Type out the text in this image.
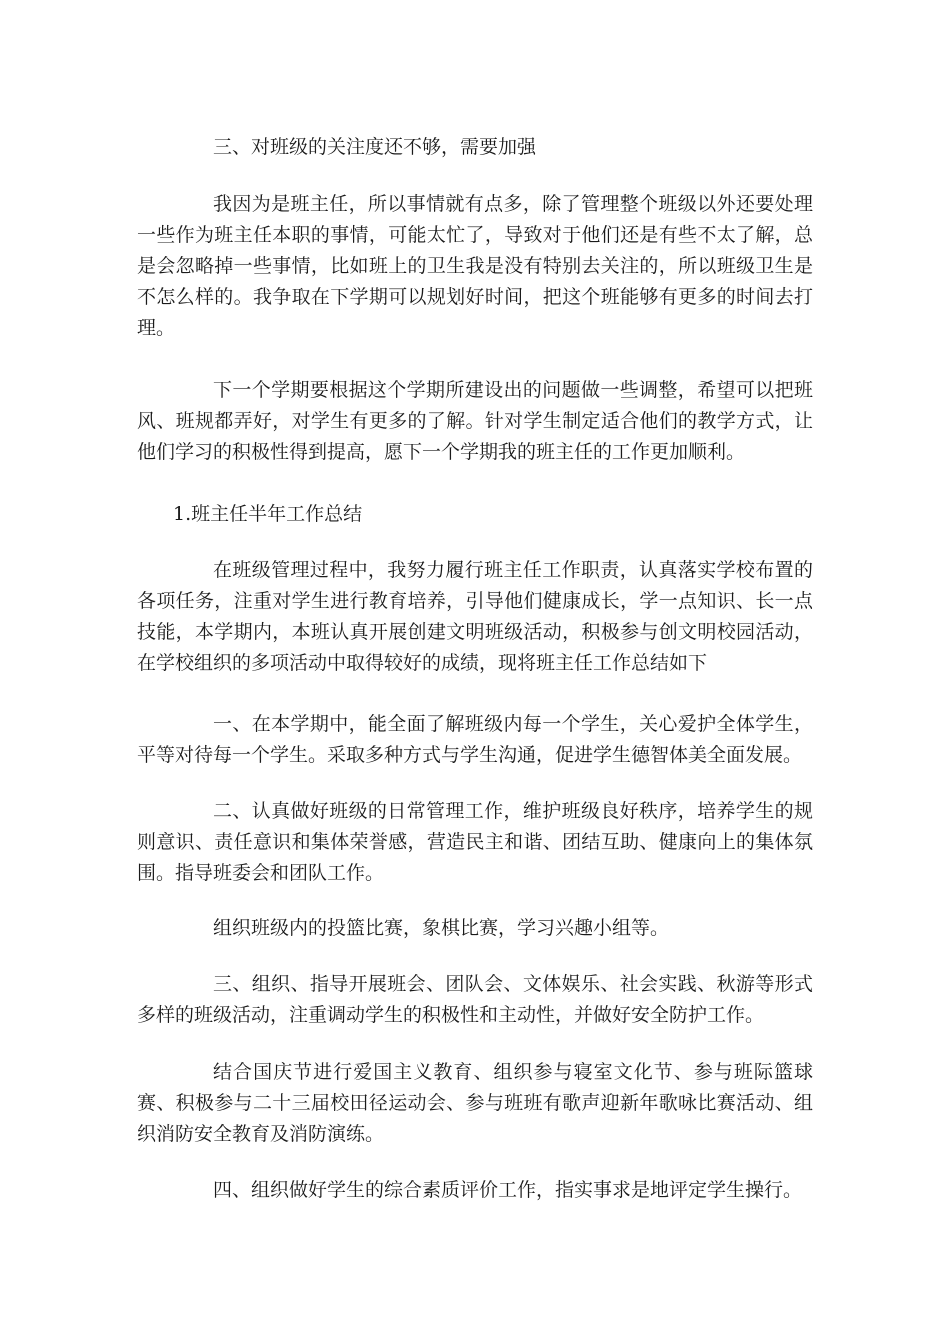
三、对班级的关注度还不够，需要加强

我因为是班主任，所以事情就有点多，除了管理整个班级以外还要处理一些作为班主任本职的事情，可能太忙了，导致对于他们还是有些不太了解，总是会忽略掉一些事情，比如班上的卫生我是没有特别去关注的，所以班级卫生是不怎么样的。我争取在下学期可以规划好时间，把这个班能够有更多的时间去打理。

下一个学期要根据这个学期所建设出的问题做一些调整，希望可以把班风、班规都弄好，对学生有更多的了解。针对学生制定适合他们的教学方式，让他们学习的积极性得到提高，愿下一个学期我的班主任的工作更加顺利。

1.班主任半年工作总结

在班级管理过程中，我努力履行班主任工作职责，认真落实学校布置的各项任务，注重对学生进行教育培养，引导他们健康成长，学一点知识、长一点技能，本学期内，本班认真开展创建文明班级活动，积极参与创文明校园活动，在学校组织的多项活动中取得较好的成绩，现将班主任工作总结如下

一、在本学期中，能全面了解班级内每一个学生，关心爱护全体学生，平等对待每一个学生。采取多种方式与学生沟通，促进学生德智体美全面发展。

二、认真做好班级的日常管理工作，维护班级良好秩序，培养学生的规则意识、责任意识和集体荣誉感，营造民主和谐、团结互助、健康向上的集体氛围。指导班委会和团队工作。

组织班级内的投篮比赛，象棋比赛，学习兴趣小组等。

三、组织、指导开展班会、团队会、文体娱乐、社会实践、秋游等形式多样的班级活动，注重调动学生的积极性和主动性，并做好安全防护工作。

结合国庆节进行爱国主义教育、组织参与寝室文化节、参与班际篮球赛、积极参与二十三届校田径运动会、参与班班有歌声迎新年歌咏比赛活动、组织消防安全教育及消防演练。

四、组织做好学生的综合素质评价工作，指实事求是地评定学生操行。
